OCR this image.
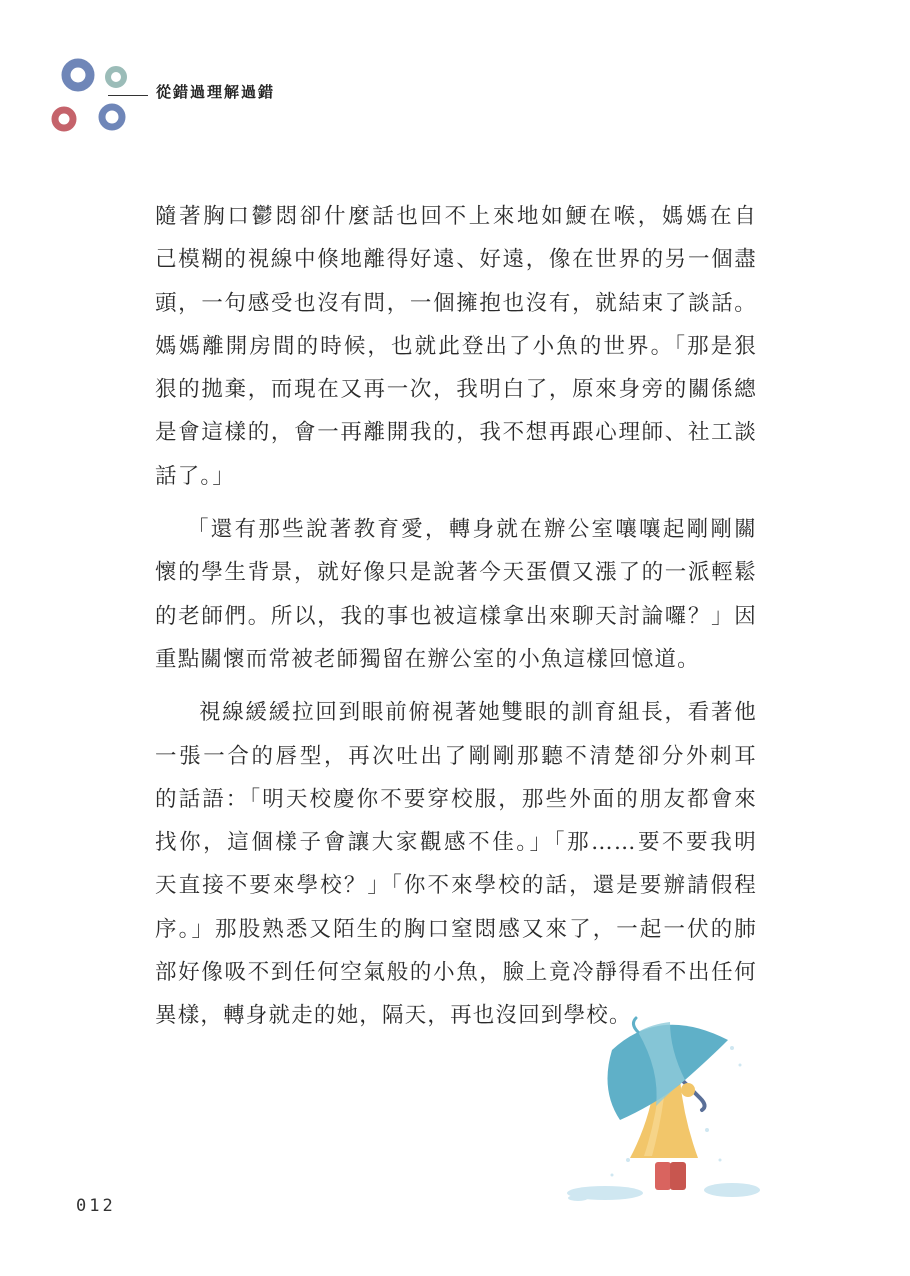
從錯過理解過錯

隨著胸口鬱悶卻什麼話也回不上來地如鯁在喉，媽媽在自
己模糊的視線中倏地離得好遠、好遠，像在世界的另一個盡
頭，一句感受也沒有問，一個擁抱也沒有，就結束了談話。
媽媽離開房間的時候，也就此登出了小魚的世界。「那是狠
狠的拋棄，而現在又再一次，我明白了，原來身旁的關係總
是會這樣的，會一再離開我的，我不想再跟心理師、社工談
話了。」

「還有那些說著教育愛，轉身就在辦公室嚷嚷起剛剛關
懷的學生背景，就好像只是說著今天蛋價又漲了的一派輕鬆
的老師們。所以，我的事也被這樣拿出來聊天討論囉？」因
重點關懷而常被老師獨留在辦公室的小魚這樣回憶道。

視線緩緩拉回到眼前俯視著她雙眼的訓育組長，看著他
一張一合的唇型，再次吐出了剛剛那聽不清楚卻分外刺耳
的話語：「明天校慶你不要穿校服，那些外面的朋友都會來
找你，這個樣子會讓大家觀感不佳。」「那……要不要我明
天直接不要來學校？」「你不來學校的話，還是要辦請假程
序。」那股熟悉又陌生的胸口窒悶感又來了，一起一伏的肺
部好像吸不到任何空氣般的小魚，臉上竟冷靜得看不出任何
異樣，轉身就走的她，隔天，再也沒回到學校。

012
